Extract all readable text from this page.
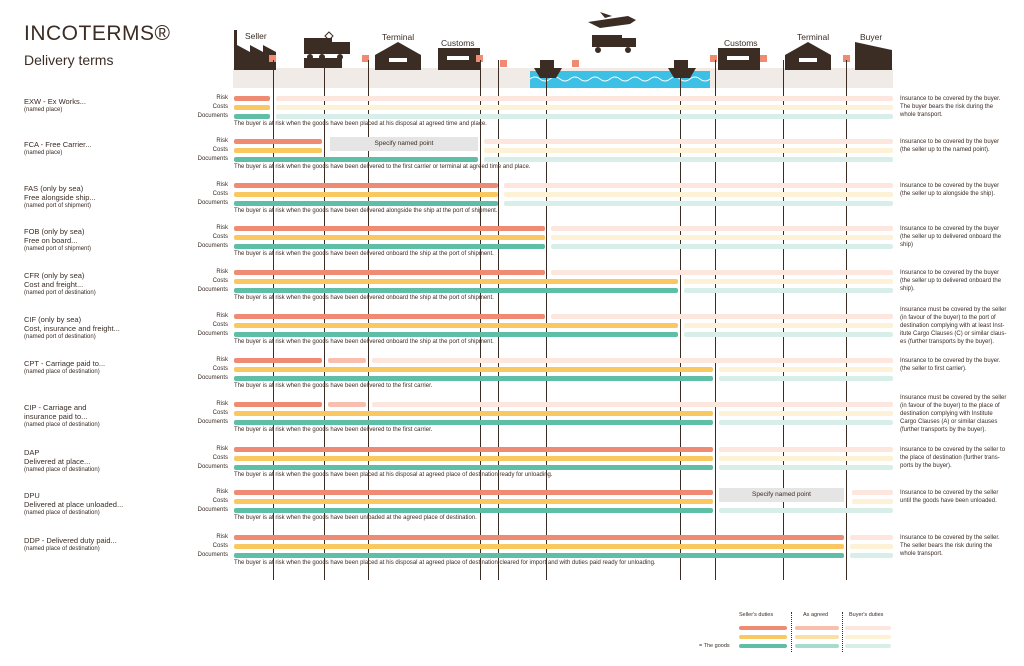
INCOTERMS®
Delivery terms
Seller	Terminal
Customs	Customs
Terminal	Buyer
EXW - Ex Works...
(named place)
Risk
Costs
Documents
The buyer is at risk when the goods have been placed at his disposal at agreed time and place.
Insurance to be covered by the buyer.
The buyer bears the risk during the
whole transport.
FCA - Free Carrier...
(named place)
Risk
Costs
Documents
Specify named point
The buyer is at risk when the goods have been delivered to the first carrier or terminal at agreed time and place.
Insurance to be covered by the buyer
(the seller up to the named point).
FAS (only by sea)
Free alongside ship...
(named port of shipment)
Risk
Costs
Documents
The buyer is at risk when the goods have been delivered alongside the ship at the port of shipment.
Insurance to be covered by the buyer
(the seller up to alongside the ship).
FOB (only by sea)
Free on board...
(named port of shipment)
Risk
Costs
Documents
The buyer is at risk when the goods have been delivered onboard the ship at the port of shipment.
Insurance to be covered by the buyer
(the seller up to delivered onboard the
ship)
CFR (only by sea)
Cost and freight...
(named port of destination)
Risk
Costs
Documents
The buyer is at risk when the goods have been delivered onboard the ship at the port of shipment.
Insurance to be covered by the buyer
(the seller up to delivered onboard the
ship).
CIF (only by sea)
Cost, insurance and freight...
(named port of destination)
Risk
Costs
Documents
The buyer is at risk when the goods have been delivered onboard the ship at the port of shipment.
Insurance must be covered by the seller
(in favour of the buyer) to the port of
destination complying with at least Inst-
itute Cargo Clauses (C) or similar claus-
es (further transports by the buyer).
CPT - Carriage paid to...
(named place of destination)
Risk
Costs
Documents
The buyer is at risk when the goods have been delivered to the first carrier.
Insurance to be covered by the buyer.
(the seller to first carrier).
CIP - Carriage and
insurance paid to...
(named place of destination)
Risk
Costs
Documents
The buyer is at risk when the goods have been delivered to the first carrier.
Insurance must be covered by the seller
(in favour of the buyer) to the place of
destination complying with Institute
Cargo Clauses (A) or similar clauses
(further transports by the buyer).
DAP
Delivered at place...
(named place of destination)
Risk
Costs
Documents
The buyer is at risk when the goods have been placed at his disposal at agreed place of destination ready for unloading.
Insurance to be covered by the seller to
the place of destination (further trans-
ports by the buyer).
DPU
Delivered at place unloaded...
(named place of destination)
Risk
Costs
Documents
Specify named point
The buyer is at risk when the goods have been unloaded at the agreed place of destination.
Insurance to be covered by the seller
until the goods have been unloaded.
DDP - Delivered duty paid...
(named place of destination)
Risk
Costs
Documents
The buyer is at risk when the goods have been placed at his disposal at agreed place of destination cleared for import and with duties paid ready for unloading.
Insurance to be covered by the seller.
The seller bears the risk during the
whole transport.
Seller's duties	As agreed	Buyer's duties
= The goods
